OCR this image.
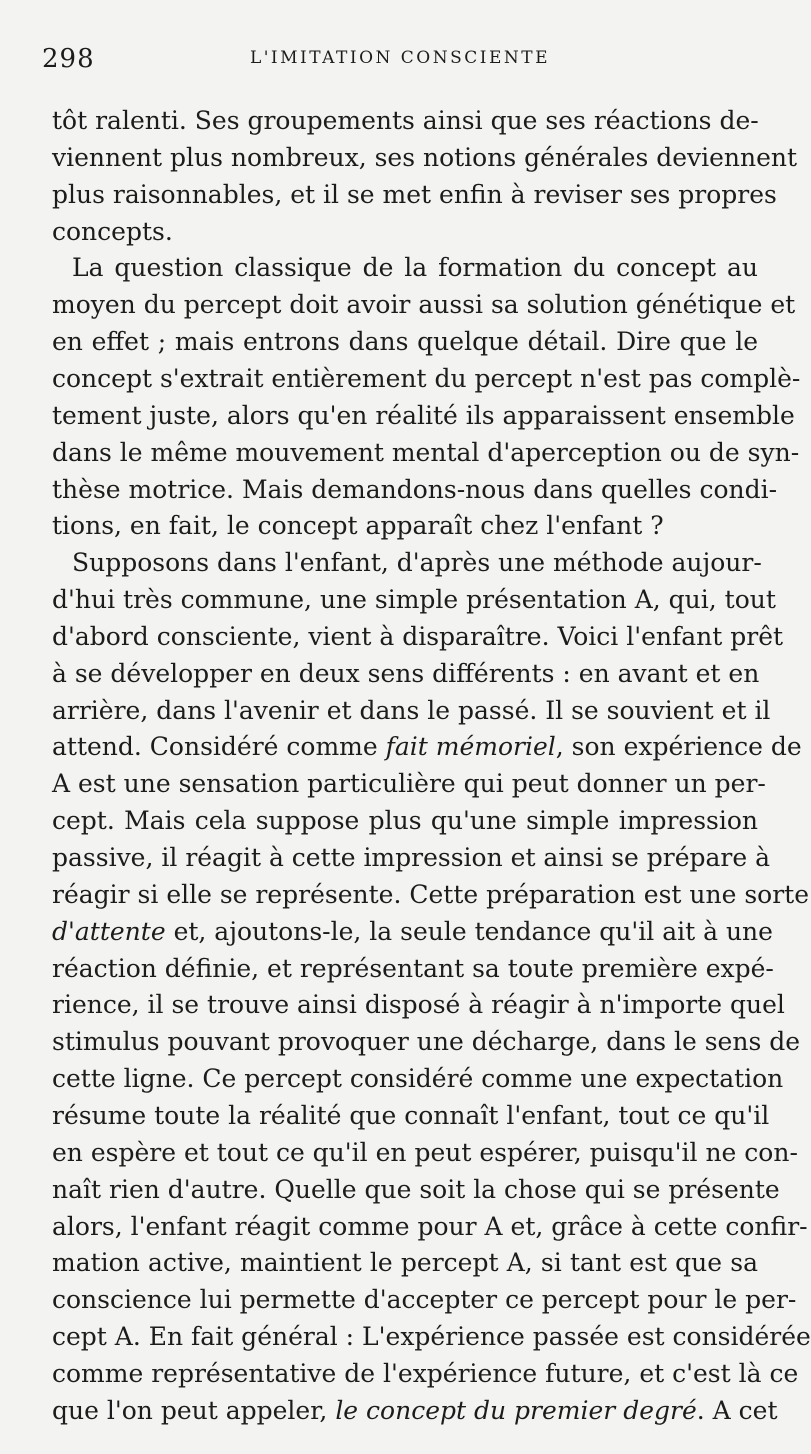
298	L'IMITATION CONSCIENTE
tôt ralenti. Ses groupements ainsi que ses réactions de-
viennent plus nombreux, ses notions générales deviennent
plus raisonnables, et il se met enfin à reviser ses propres
concepts.
La question classique de la formation du concept au
moyen du percept doit avoir aussi sa solution génétique et
en effet ; mais entrons dans quelque détail. Dire que le
concept s'extrait entièrement du percept n'est pas complè-
tement juste, alors qu'en réalité ils apparaissent ensemble
dans le même mouvement mental d'aperception ou de syn-
thèse motrice. Mais demandons-nous dans quelles condi-
tions, en fait, le concept apparaît chez l'enfant ?
Supposons dans l'enfant, d'après une méthode aujour-
d'hui très commune, une simple présentation A, qui, tout
d'abord consciente, vient à disparaître. Voici l'enfant prêt
à se développer en deux sens différents : en avant et en
arrière, dans l'avenir et dans le passé. Il se souvient et il
attend. Considéré comme fait mémoriel, son expérience de
A est une sensation particulière qui peut donner un per-
cept. Mais cela suppose plus qu'une simple impression
passive, il réagit à cette impression et ainsi se prépare à
réagir si elle se représente. Cette préparation est une sorte
d'attente et, ajoutons-le, la seule tendance qu'il ait à une
réaction définie, et représentant sa toute première expé-
rience, il se trouve ainsi disposé à réagir à n'importe quel
stimulus pouvant provoquer une décharge, dans le sens de
cette ligne. Ce percept considéré comme une expectation
résume toute la réalité que connaît l'enfant, tout ce qu'il
en espère et tout ce qu'il en peut espérer, puisqu'il ne con-
naît rien d'autre. Quelle que soit la chose qui se présente
alors, l'enfant réagit comme pour A et, grâce à cette confir-
mation active, maintient le percept A, si tant est que sa
conscience lui permette d'accepter ce percept pour le per-
cept A. En fait général : L'expérience passée est considérée
comme représentative de l'expérience future, et c'est là ce
que l'on peut appeler, le concept du premier degré. A cet
